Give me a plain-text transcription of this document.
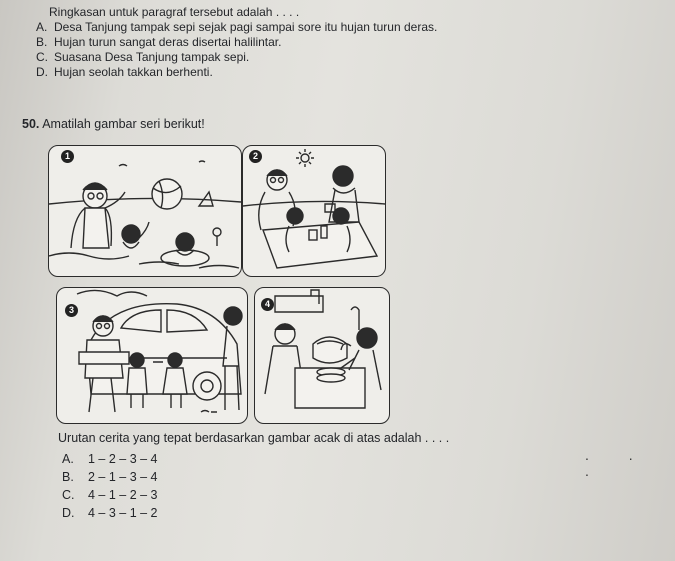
Ringkasan untuk paragraf tersebut adalah . . . .
A. Desa Tanjung tampak sepi sejak pagi sampai sore itu hujan turun deras.
B. Hujan turun sangat deras disertai halilintar.
C. Suasana Desa Tanjung tampak sepi.
D. Hujan seolah takkan berhenti.
50. Amatilah gambar seri berikut!
1	2
3
4
Urutan cerita yang tepat berdasarkan gambar acak di atas adalah . . . .
. . .
A. 1 – 2 – 3 – 4
B. 2 – 1 – 3 – 4
C. 4 – 1 – 2 – 3
D. 4 – 3 – 1 – 2
